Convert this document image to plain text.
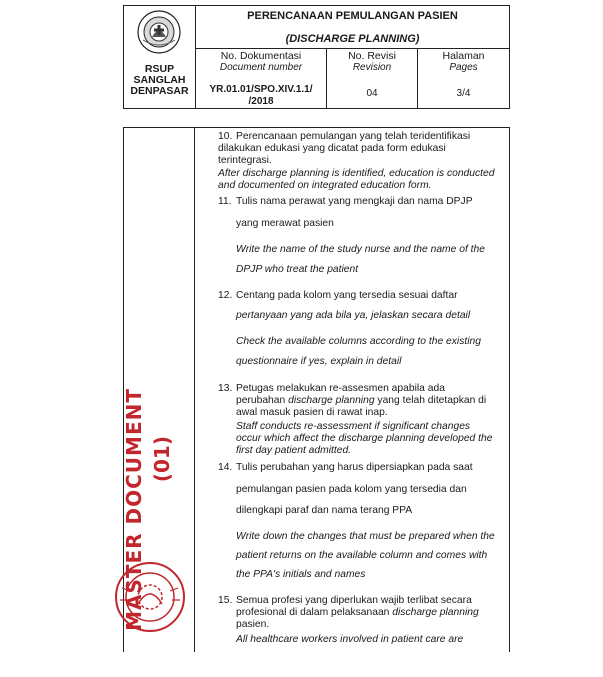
RSUP
SANGLAH
DENPASAR
PERENCANAAN PEMULANGAN PASIEN
(DISCHARGE PLANNING)
No. Dokumentasi
Document number
YR.01.01/SPO.XIV.1.1/
/2018
No. Revisi
Revision
04
Halaman
Pages
3/4
10. Perencanaan pemulangan yang telah teridentifikasi
dilakukan edukasi yang dicatat pada form edukasi
terintegrasi.
After discharge planning is identified, education is conducted
and documented on integrated education form.
11. Tulis nama perawat yang mengkaji dan nama DPJP
yang merawat pasien
Write the name of the study nurse and the name of the
DPJP who treat the patient
12. Centang pada kolom yang tersedia sesuai daftar
pertanyaan yang ada bila ya, jelaskan secara detail
Check the available columns according to the existing
questionnaire if yes, explain in detail
13. Petugas melakukan re-assesmen apabila ada
perubahan discharge planning yang telah ditetapkan di
awal masuk pasien di rawat inap.
Staff conducts re-assessment if significant changes
occur which affect the discharge planning developed the
first day patient admitted.
14. Tulis perubahan yang harus dipersiapkan pada saat
pemulangan pasien pada kolom yang tersedia dan
dilengkapi paraf dan nama terang PPA
Write down the changes that must be prepared when the
patient returns on the available column and comes with
the PPA's initials and names
15. Semua profesi yang diperlukan wajib terlibat secara
profesional di dalam pelaksanaan discharge planning
pasien.
All healthcare workers involved in patient care are
MASTER DOCUMENT (01)
